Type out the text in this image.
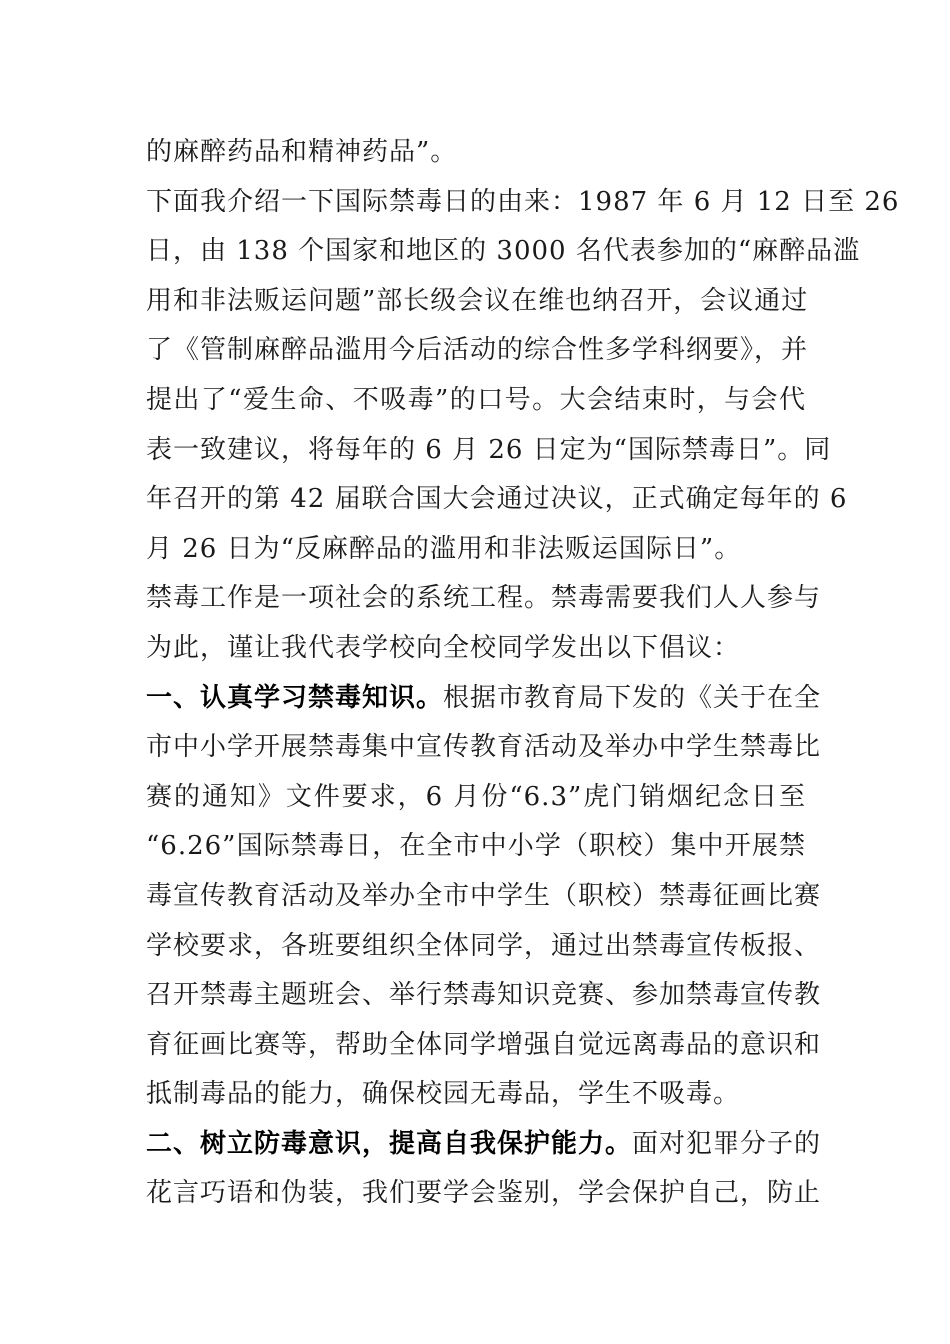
的麻醉药品和精神药品”。
下面我介绍一下国际禁毒日的由来：1987 年 6 月 12 日至 26
日，由 138 个国家和地区的 3000 名代表参加的“麻醉品滥
用和非法贩运问题”部长级会议在维也纳召开，会议通过
了《管制麻醉品滥用今后活动的综合性多学科纲要》，并
提出了“爱生命、不吸毒”的口号。大会结束时，与会代
表一致建议，将每年的 6 月 26 日定为“国际禁毒日”。同
年召开的第 42 届联合国大会通过决议，正式确定每年的 6
月 26 日为“反麻醉品的滥用和非法贩运国际日”。
禁毒工作是一项社会的系统工程。禁毒需要我们人人参与
为此，谨让我代表学校向全校同学发出以下倡议：
一、认真学习禁毒知识。根据市教育局下发的《关于在全
市中小学开展禁毒集中宣传教育活动及举办中学生禁毒比
赛的通知》文件要求，6 月份“6.3”虎门销烟纪念日至
“6.26”国际禁毒日，在全市中小学（职校）集中开展禁
毒宣传教育活动及举办全市中学生（职校）禁毒征画比赛
学校要求，各班要组织全体同学，通过出禁毒宣传板报、
召开禁毒主题班会、举行禁毒知识竞赛、参加禁毒宣传教
育征画比赛等，帮助全体同学增强自觉远离毒品的意识和
抵制毒品的能力，确保校园无毒品，学生不吸毒。
二、树立防毒意识，提高自我保护能力。面对犯罪分子的
花言巧语和伪装，我们要学会鉴别，学会保护自己，防止
